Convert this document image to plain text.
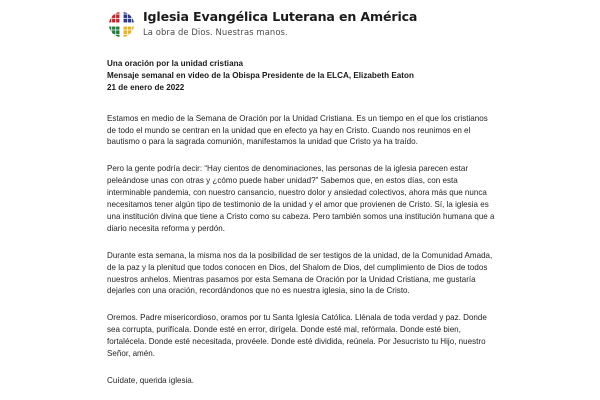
Iglesia Evangélica Luterana en América
La obra de Dios. Nuestras manos.
Una oración por la unidad cristiana
Mensaje semanal en video de la Obispa Presidente de la ELCA, Elizabeth Eaton
21 de enero de 2022

Estamos en medio de la Semana de Oración por la Unidad Cristiana. Es un tiempo en el que los cristianos de todo el mundo se centran en la unidad que en efecto ya hay en Cristo. Cuando nos reunimos en el bautismo o para la sagrada comunión, manifestamos la unidad que Cristo ya ha traído.

Pero la gente podría decir: “Hay cientos de denominaciones, las personas de la iglesia parecen estar peleándose unas con otras y ¿cómo puede haber unidad?” Sabemos que, en estos días, con esta interminable pandemia, con nuestro cansancio, nuestro dolor y ansiedad colectivos, ahora más que nunca necesitamos tener algún tipo de testimonio de la unidad y el amor que provienen de Cristo. Sí, la iglesia es una institución divina que tiene a Cristo como su cabeza. Pero también somos una institución humana que a diario necesita reforma y perdón.

Durante esta semana, la misma nos da la posibilidad de ser testigos de la unidad, de la Comunidad Amada, de la paz y la plenitud que todos conocen en Dios, del Shalom de Dios, del cumplimiento de Dios de todos nuestros anhelos. Mientras pasamos por esta Semana de Oración por la Unidad Cristiana, me gustaría dejarles con una oración, recordándonos que no es nuestra iglesia, sino la de Cristo.

Oremos. Padre misericordioso, oramos por tu Santa Iglesia Católica. Llénala de toda verdad y paz. Donde sea corrupta, purifícala. Donde esté en error, dirígela. Donde esté mal, refórmala. Donde esté bien, fortalécela. Donde esté necesitada, provéele. Donde esté dividida, reúnela. Por Jesucristo tu Hijo, nuestro Señor, amén.

Cuídate, querida iglesia.
